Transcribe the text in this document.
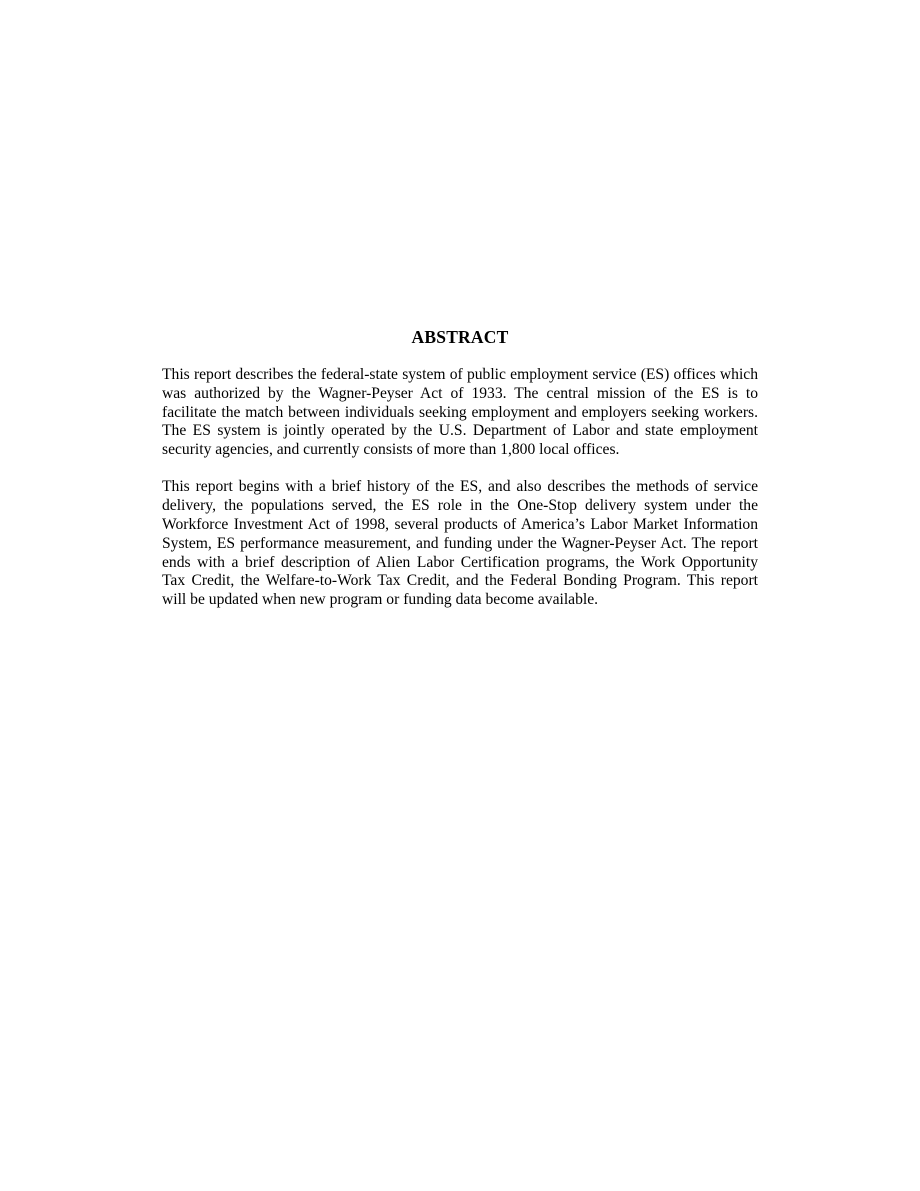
ABSTRACT
This report describes the federal-state system of public employment service (ES) offices which
was authorized by the Wagner-Peyser Act of 1933. The central mission of the ES is to
facilitate the match between individuals seeking employment and employers seeking workers.
The ES system is jointly operated by the U.S. Department of Labor and state employment
security agencies, and currently consists of more than 1,800 local offices.
This report begins with a brief history of the ES, and also describes the methods of service
delivery, the populations served, the ES role in the One-Stop delivery system under the
Workforce Investment Act of 1998, several products of America’s Labor Market Information
System, ES performance measurement, and funding under the Wagner-Peyser Act. The report
ends with a brief description of Alien Labor Certification programs, the Work Opportunity
Tax Credit, the Welfare-to-Work Tax Credit, and the Federal Bonding Program. This report
will be updated when new program or funding data become available.
